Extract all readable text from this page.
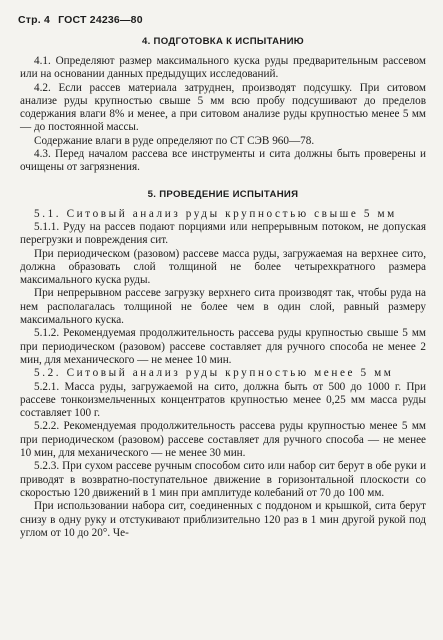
Стр. 4 ГОСТ 24236—80
4. ПОДГОТОВКА К ИСПЫТАНИЮ

4.1. Определяют размер максимального куска руды предварительным рассевом или на основании данных предыдущих исследований.

4.2. Если рассев материала затруднен, производят подсушку. При ситовом анализе руды крупностью свыше 5 мм всю пробу подсушивают до пределов содержания влаги 8% и менее, а при ситовом анализе руды крупностью менее 5 мм — до постоянной массы.

Содержание влаги в руде определяют по СТ СЭВ 960—78.

4.3. Перед началом рассева все инструменты и сита должны быть проверены и очищены от загрязнения.

5. ПРОВЕДЕНИЕ ИСПЫТАНИЯ

5.1. Ситовый анализ руды крупностью свыше 5 мм

5.1.1. Руду на рассев подают порциями или непрерывным потоком, не допуская перегрузки и повреждения сит.

При периодическом (разовом) рассеве масса руды, загружаемая на верхнее сито, должна образовать слой толщиной не более четырехкратного размера максимального куска руды.

При непрерывном рассеве загрузку верхнего сита производят так, чтобы руда на нем располагалась толщиной не более чем в один слой, равный размеру максимального куска.

5.1.2. Рекомендуемая продолжительность рассева руды крупностью свыше 5 мм при периодическом (разовом) рассеве составляет для ручного способа не менее 2 мин, для механического — не менее 10 мин.

5.2. Ситовый анализ руды крупностью менее 5 мм

5.2.1. Масса руды, загружаемой на сито, должна быть от 500 до 1000 г. При рассеве тонкоизмельченных концентратов крупностью менее 0,25 мм масса руды составляет 100 г.

5.2.2. Рекомендуемая продолжительность рассева руды крупностью менее 5 мм при периодическом (разовом) рассеве составляет для ручного способа — не менее 10 мин, для механического — не менее 30 мин.

5.2.3. При сухом рассеве ручным способом сито или набор сит берут в обе руки и приводят в возвратно-поступательное движение в горизонтальной плоскости со скоростью 120 движений в 1 мин при амплитуде колебаний от 70 до 100 мм.

При использовании набора сит, соединенных с поддоном и крышкой, сита берут снизу в одну руку и отстукивают приблизительно 120 раз в 1 мин другой рукой под углом от 10 до 20°. Че-
